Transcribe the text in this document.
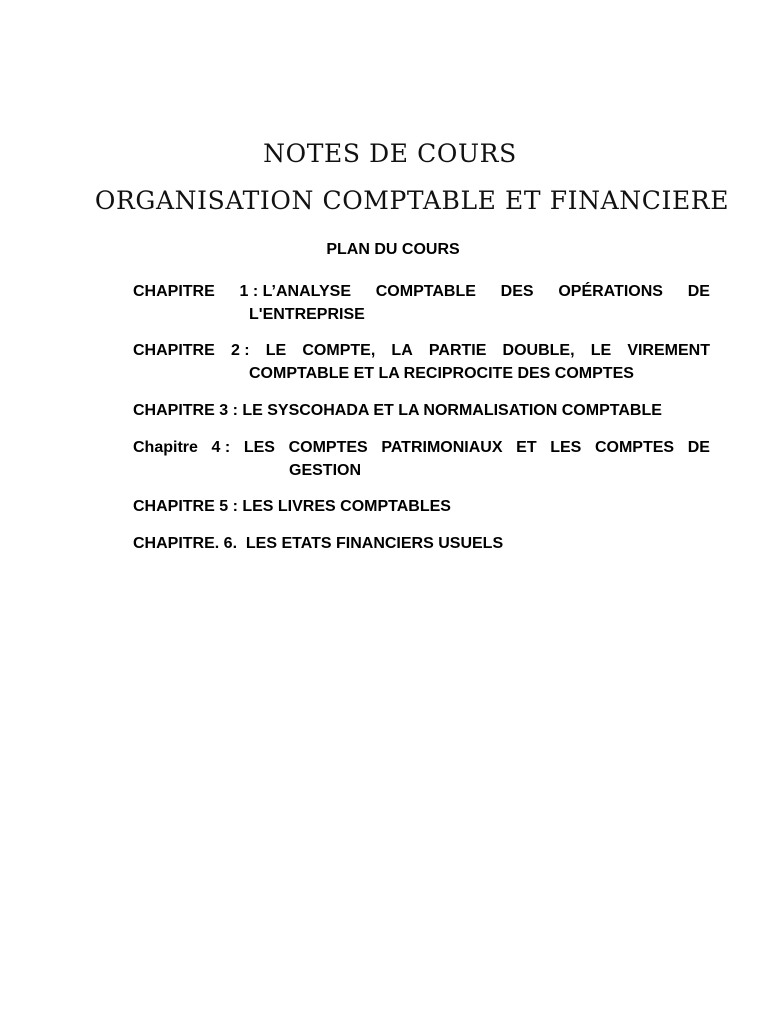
NOTES DE COURS
ORGANISATION COMPTABLE ET FINANCIERE
PLAN DU COURS
CHAPITRE 1 : L’ANALYSE COMPTABLE DES OPÉRATIONS DE
L'ENTREPRISE
CHAPITRE 2 : LE COMPTE, LA PARTIE DOUBLE, LE VIREMENT
COMPTABLE ET LA RECIPROCITE DES COMPTES
CHAPITRE 3 : LE SYSCOHADA ET LA NORMALISATION COMPTABLE
Chapitre 4 : LES COMPTES PATRIMONIAUX ET LES COMPTES DE
GESTION
CHAPITRE 5 : LES LIVRES COMPTABLES
CHAPITRE. 6.  LES ETATS FINANCIERS USUELS
